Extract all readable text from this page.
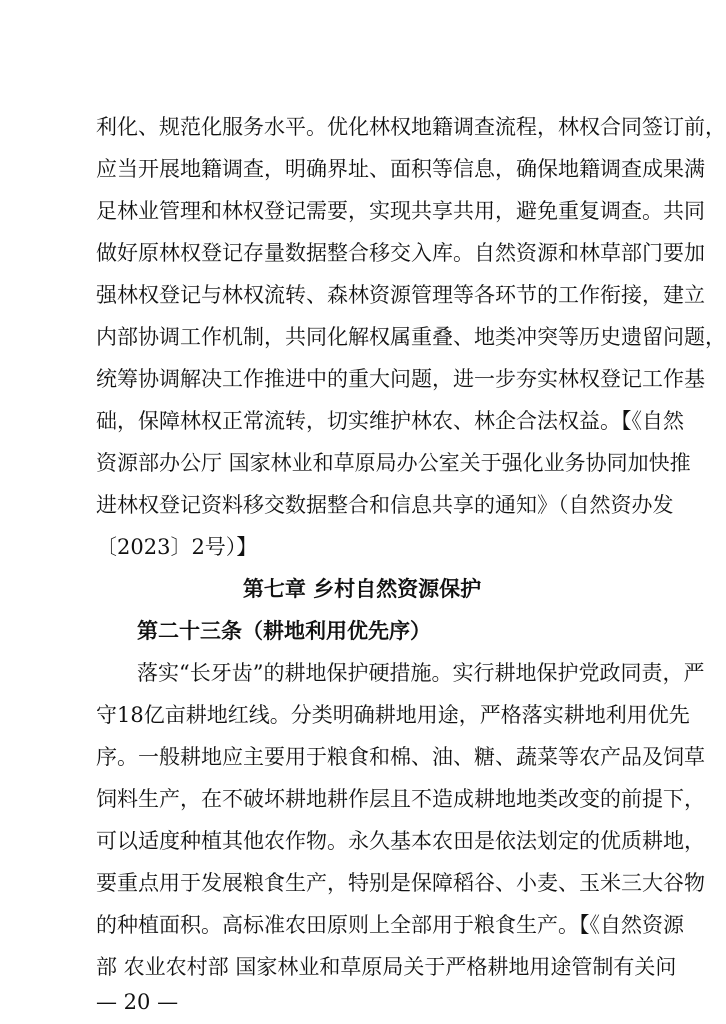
利化、规范化服务水平。优化林权地籍调查流程，林权合同签订前，
应当开展地籍调查，明确界址、面积等信息，确保地籍调查成果满
足林业管理和林权登记需要，实现共享共用，避免重复调查。共同
做好原林权登记存量数据整合移交入库。自然资源和林草部门要加
强林权登记与林权流转、森林资源管理等各环节的工作衔接，建立
内部协调工作机制，共同化解权属重叠、地类冲突等历史遗留问题，
统筹协调解决工作推进中的重大问题，进一步夯实林权登记工作基
础，保障林权正常流转，切实维护林农、林企合法权益。【《自然
资源部办公厅 国家林业和草原局办公室关于强化业务协同加快推
进林权登记资料移交数据整合和信息共享的通知》（自然资办发
〔2023〕2号）】
第七章 乡村自然资源保护
第二十三条（耕地利用优先序）
落实“长牙齿”的耕地保护硬措施。实行耕地保护党政同责，严
守18亿亩耕地红线。分类明确耕地用途，严格落实耕地利用优先
序。一般耕地应主要用于粮食和棉、油、糖、蔬菜等农产品及饲草
饲料生产，在不破坏耕地耕作层且不造成耕地地类改变的前提下，
可以适度种植其他农作物。永久基本农田是依法划定的优质耕地，
要重点用于发展粮食生产，特别是保障稻谷、小麦、玉米三大谷物
的种植面积。高标准农田原则上全部用于粮食生产。【《自然资源
部 农业农村部 国家林业和草原局关于严格耕地用途管制有关问
— 20 —
